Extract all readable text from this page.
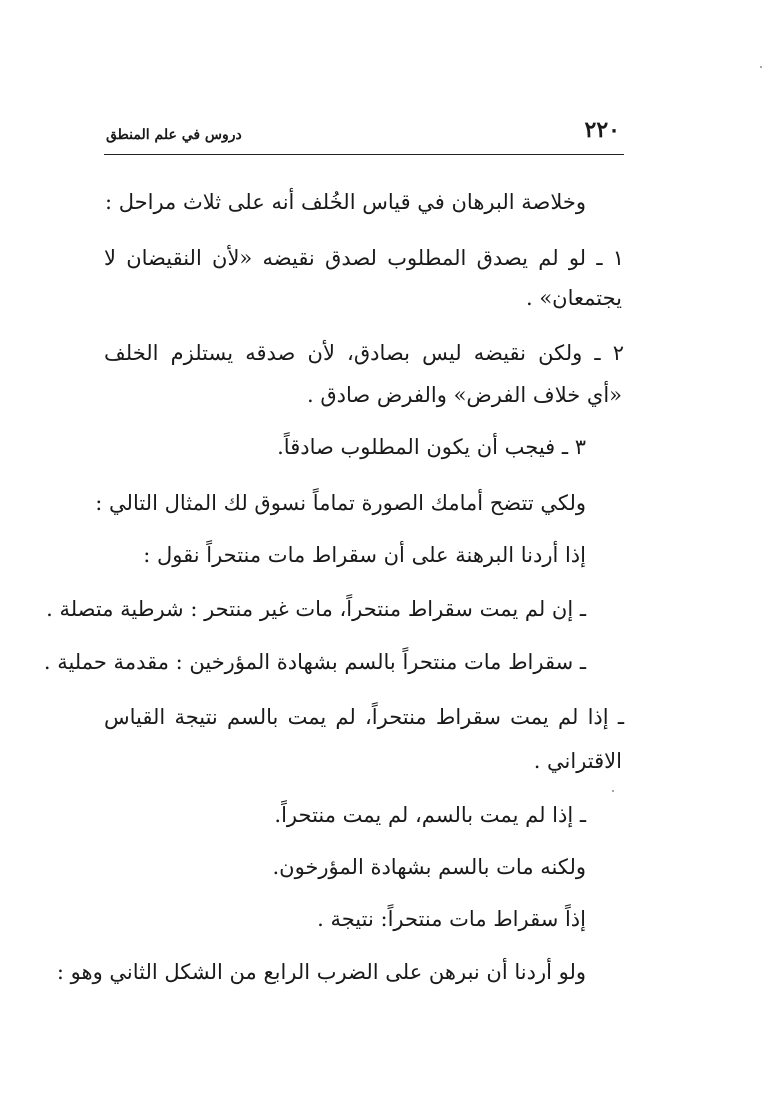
٢٢٠
دروس في علم المنطق
وخلاصة البرهان في قياس الخُلف أنه على ثلاث مراحل :
١ ـ لو لم يصدق المطلوب لصدق نقيضه «لأن النقيضان لا
يجتمعان» .
٢ ـ ولكن نقيضه ليس بصادق، لأن صدقه يستلزم الخلف
«أي خلاف الفرض» والفرض صادق .
٣ ـ فيجب أن يكون المطلوب صادقاً.
ولكي تتضح أمامك الصورة تماماً نسوق لك المثال التالي :
إذا أردنا البرهنة على أن سقراط مات منتحراً نقول :
ـ إن لم يمت سقراط منتحراً، مات غير منتحر : شرطية متصلة .
ـ سقراط مات منتحراً بالسم بشهادة المؤرخين : مقدمة حملية .
ـ إذا لم يمت سقراط منتحراً، لم يمت بالسم نتيجة القياس
الاقتراني .
ـ إذا لم يمت بالسم، لم يمت منتحراً.
ولكنه مات بالسم بشهادة المؤرخون.
إذاً سقراط مات منتحراً: نتيجة .
ولو أردنا أن نبرهن على الضرب الرابع من الشكل الثاني وهو :
